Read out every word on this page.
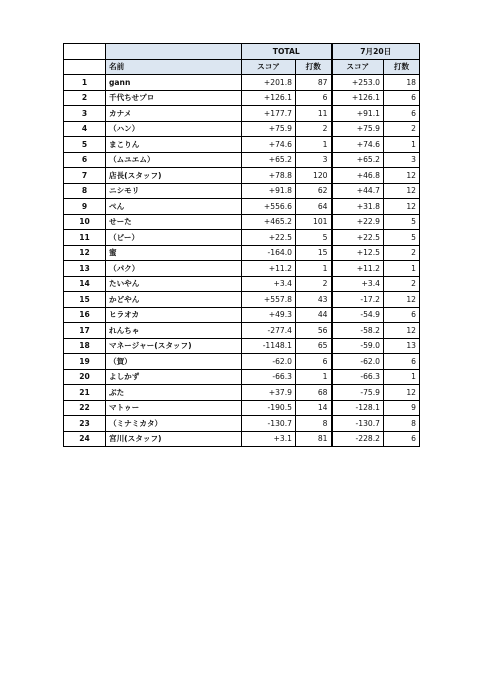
		TOTAL		7月20日	
	名前	スコア	打数	スコア	打数
1	gann	+201.8	87	+253.0	18
2	千代ちせプロ	+126.1	6	+126.1	6
3	カナメ	+177.7	11	+91.1	6
4	（ハン）	+75.9	2	+75.9	2
5	まこりん	+74.6	1	+74.6	1
6	（ムユエム）	+65.2	3	+65.2	3
7	店長(スタッフ)	+78.8	120	+46.8	12
8	ニシモリ	+91.8	62	+44.7	12
9	ぺん	+556.6	64	+31.8	12
10	せーた	+465.2	101	+22.9	5
11	（ビー）	+22.5	5	+22.5	5
12	蜜	-164.0	15	+12.5	2
13	（パク）	+11.2	1	+11.2	1
14	たいやん	+3.4	2	+3.4	2
15	かどやん	+557.8	43	-17.2	12
16	ヒラオカ	+49.3	44	-54.9	6
17	れんちゃ	-277.4	56	-58.2	12
18	マネージャー(スタッフ)	-1148.1	65	-59.0	13
19	（賀）	-62.0	6	-62.0	6
20	よしかず	-66.3	1	-66.3	1
21	ぶた	+37.9	68	-75.9	12
22	マトゥー	-190.5	14	-128.1	9
23	（ミナミカタ）	-130.7	8	-130.7	8
24	宮川(スタッフ)	+3.1	81	-228.2	6
